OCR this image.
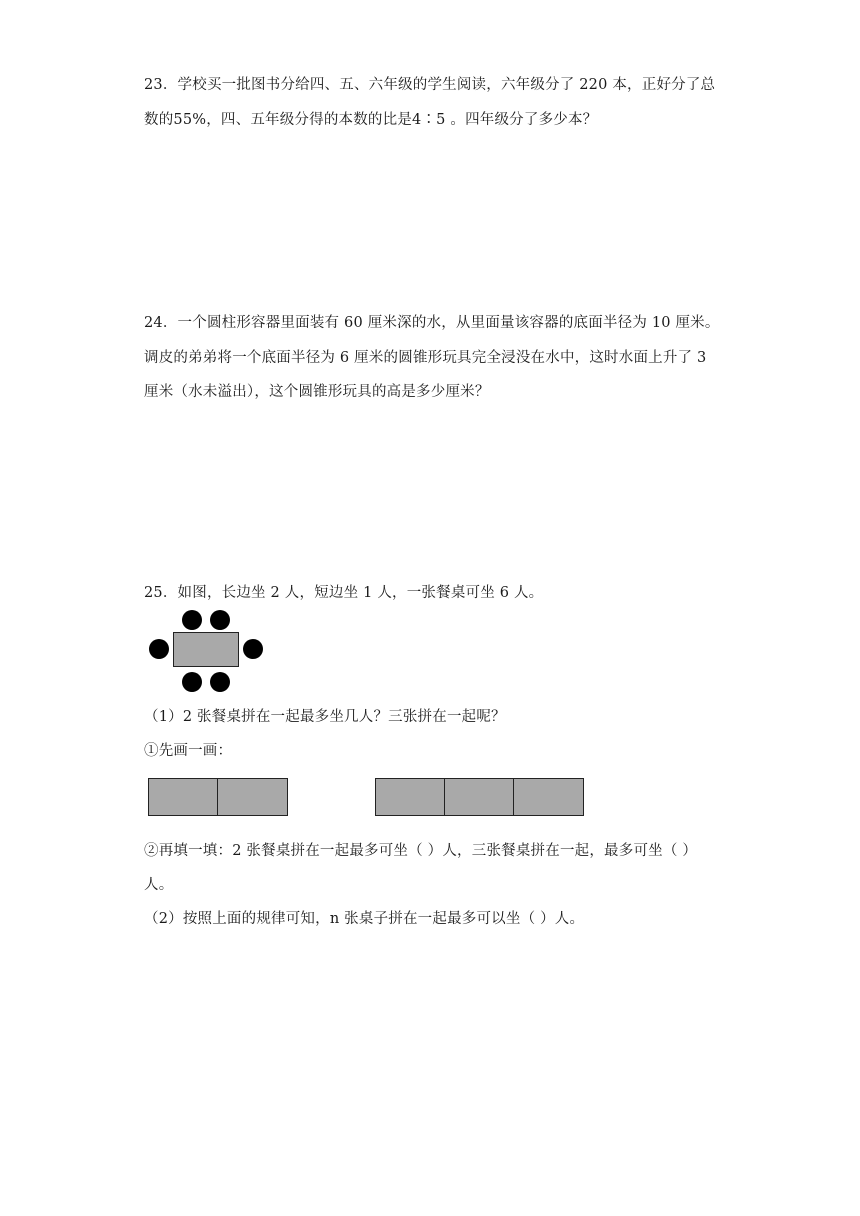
23．学校买一批图书分给四、五、六年级的学生阅读，六年级分了 220 本，正好分了总
数的55%，四、五年级分得的本数的比是4∶5 。四年级分了多少本？
24．一个圆柱形容器里面装有 60 厘米深的水，从里面量该容器的底面半径为 10 厘米。
调皮的弟弟将一个底面半径为 6 厘米的圆锥形玩具完全浸没在水中，这时水面上升了 3
厘米（水未溢出），这个圆锥形玩具的高是多少厘米？
25．如图，长边坐 2 人，短边坐 1 人，一张餐桌可坐 6 人。
（1）2 张餐桌拼在一起最多坐几人？三张拼在一起呢？
①先画一画：
②再填一填：2 张餐桌拼在一起最多可坐（ ）人，三张餐桌拼在一起，最多可坐（ ）
人。
（2）按照上面的规律可知，n 张桌子拼在一起最多可以坐（ ）人。
